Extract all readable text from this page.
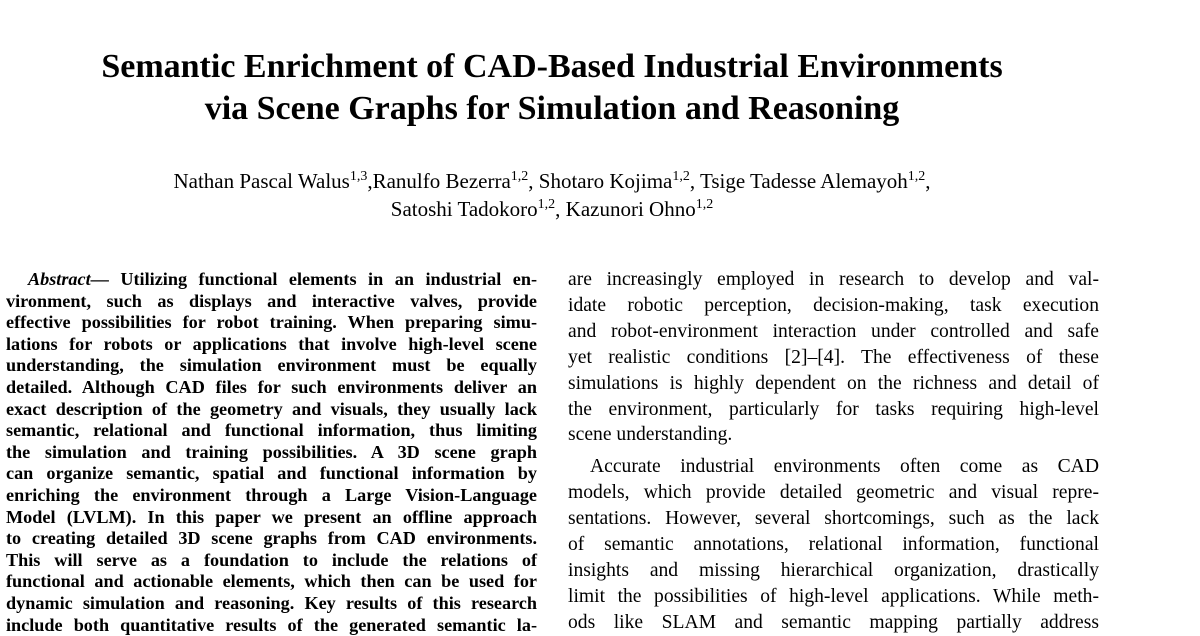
Semantic Enrichment of CAD-Based Industrial Environments
via Scene Graphs for Simulation and Reasoning
Nathan Pascal Walus$^{1,3}$,Ranulfo Bezerra$^{1,2}$, Shotaro Kojima$^{1,2}$, Tsige Tadesse Alemayoh$^{1,2}$,
Satoshi Tadokoro$^{1,2}$, Kazunori Ohno$^{1,2}$
Abstract— Utilizing functional elements in an industrial en-
vironment, such as displays and interactive valves, provide
effective possibilities for robot training. When preparing simu-
lations for robots or applications that involve high-level scene
understanding, the simulation environment must be equally
detailed. Although CAD files for such environments deliver an
exact description of the geometry and visuals, they usually lack
semantic, relational and functional information, thus limiting
the simulation and training possibilities. A 3D scene graph
can organize semantic, spatial and functional information by
enriching the environment through a Large Vision-Language
Model (LVLM). In this paper we present an offline approach
to creating detailed 3D scene graphs from CAD environments.
This will serve as a foundation to include the relations of
functional and actionable elements, which then can be used for
dynamic simulation and reasoning. Key results of this research
include both quantitative results of the generated semantic la-
are increasingly employed in research to develop and val-
idate robotic perception, decision-making, task execution
and robot-environment interaction under controlled and safe
yet realistic conditions [2]–[4]. The effectiveness of these
simulations is highly dependent on the richness and detail of
the environment, particularly for tasks requiring high-level
scene understanding.
Accurate industrial environments often come as CAD
models, which provide detailed geometric and visual repre-
sentations. However, several shortcomings, such as the lack
of semantic annotations, relational information, functional
insights and missing hierarchical organization, drastically
limit the possibilities of high-level applications. While meth-
ods like SLAM and semantic mapping partially address
